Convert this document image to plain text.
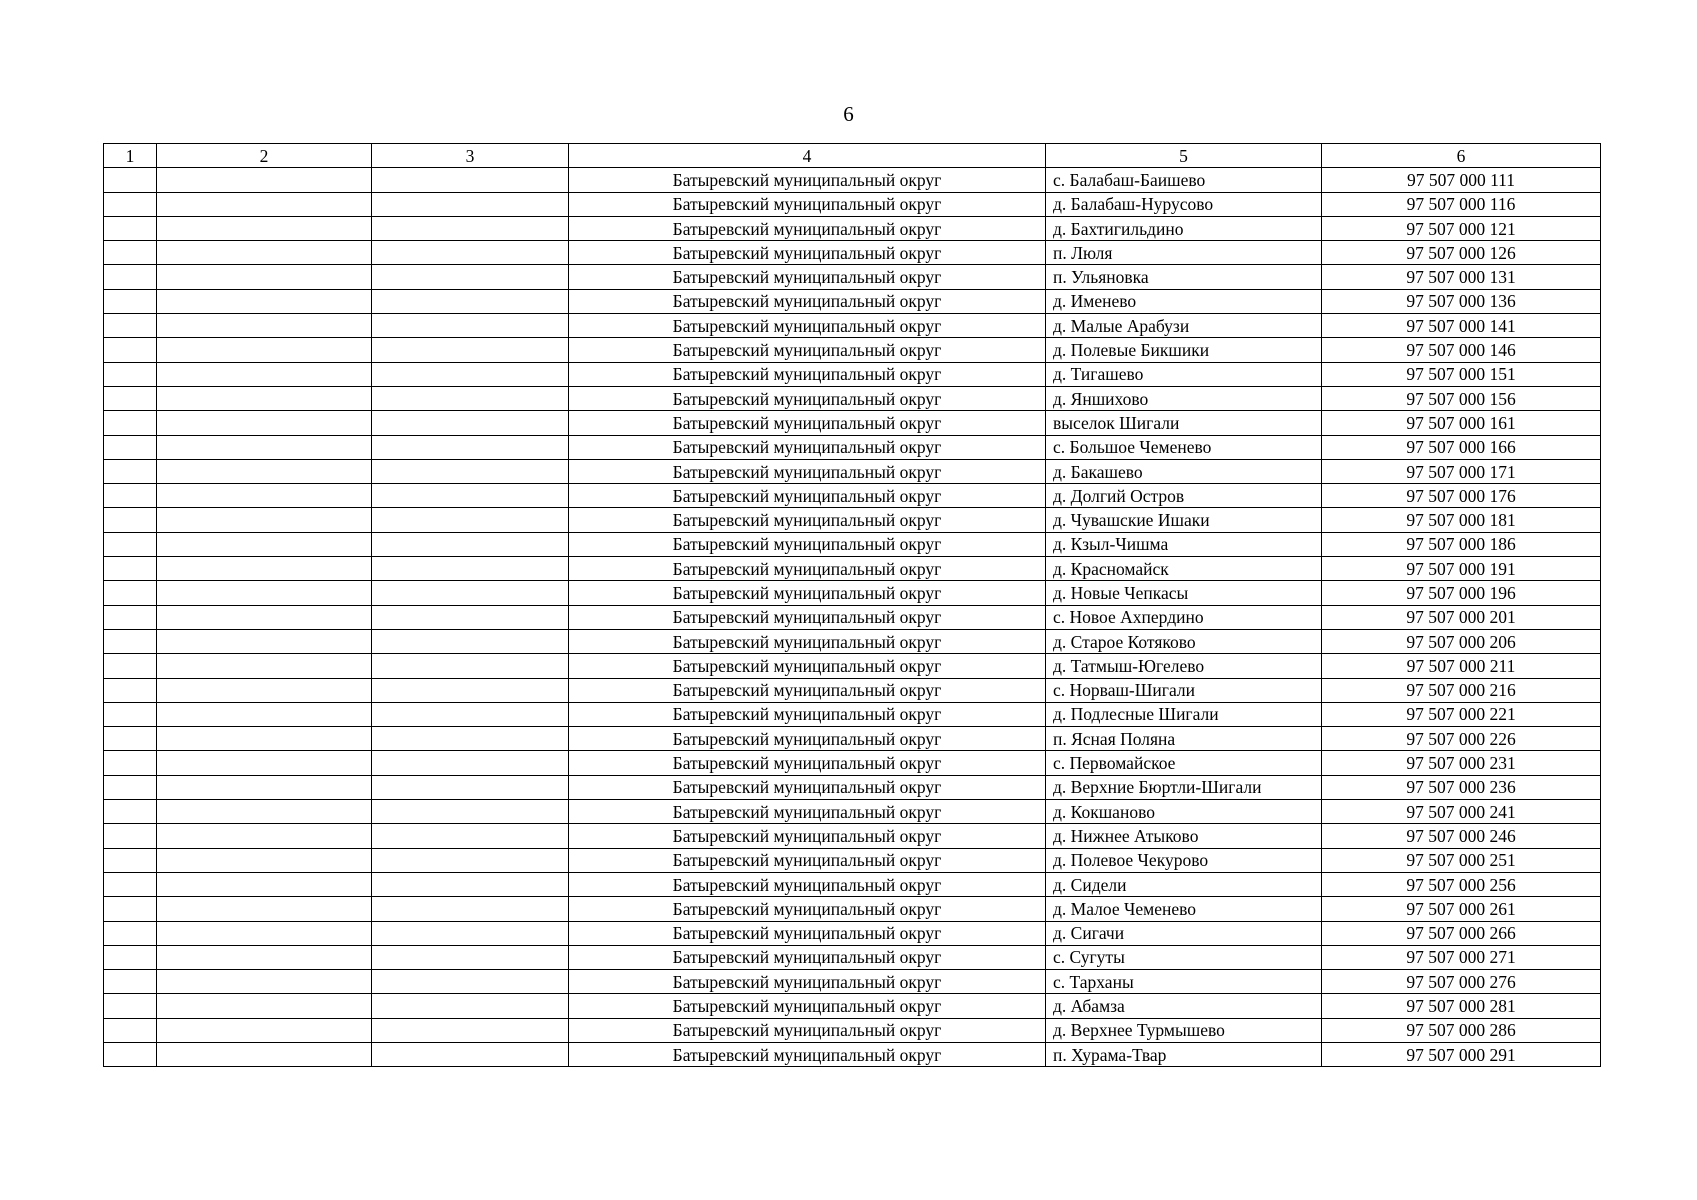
6
1	2	3	4	5	6
			Батыревский муниципальный округ	с. Балабаш-Баишево	97 507 000 111
			Батыревский муниципальный округ	д. Балабаш-Нурусово	97 507 000 116
			Батыревский муниципальный округ	д. Бахтигильдино	97 507 000 121
			Батыревский муниципальный округ	п. Люля	97 507 000 126
			Батыревский муниципальный округ	п. Ульяновка	97 507 000 131
			Батыревский муниципальный округ	д. Именево	97 507 000 136
			Батыревский муниципальный округ	д. Малые Арабузи	97 507 000 141
			Батыревский муниципальный округ	д. Полевые Бикшики	97 507 000 146
			Батыревский муниципальный округ	д. Тигашево	97 507 000 151
			Батыревский муниципальный округ	д. Яншихово	97 507 000 156
			Батыревский муниципальный округ	выселок Шигали	97 507 000 161
			Батыревский муниципальный округ	с. Большое Чеменево	97 507 000 166
			Батыревский муниципальный округ	д. Бакашево	97 507 000 171
			Батыревский муниципальный округ	д. Долгий Остров	97 507 000 176
			Батыревский муниципальный округ	д. Чувашские Ишаки	97 507 000 181
			Батыревский муниципальный округ	д. Кзыл-Чишма	97 507 000 186
			Батыревский муниципальный округ	д. Красномайск	97 507 000 191
			Батыревский муниципальный округ	д. Новые Чепкасы	97 507 000 196
			Батыревский муниципальный округ	с. Новое Ахпердино	97 507 000 201
			Батыревский муниципальный округ	д. Старое Котяково	97 507 000 206
			Батыревский муниципальный округ	д. Татмыш-Югелево	97 507 000 211
			Батыревский муниципальный округ	с. Норваш-Шигали	97 507 000 216
			Батыревский муниципальный округ	д. Подлесные Шигали	97 507 000 221
			Батыревский муниципальный округ	п. Ясная Поляна	97 507 000 226
			Батыревский муниципальный округ	с. Первомайское	97 507 000 231
			Батыревский муниципальный округ	д. Верхние Бюртли-Шигали	97 507 000 236
			Батыревский муниципальный округ	д. Кокшаново	97 507 000 241
			Батыревский муниципальный округ	д. Нижнее Атыково	97 507 000 246
			Батыревский муниципальный округ	д. Полевое Чекурово	97 507 000 251
			Батыревский муниципальный округ	д. Сидели	97 507 000 256
			Батыревский муниципальный округ	д. Малое Чеменево	97 507 000 261
			Батыревский муниципальный округ	д. Сигачи	97 507 000 266
			Батыревский муниципальный округ	с. Сугуты	97 507 000 271
			Батыревский муниципальный округ	с. Тарханы	97 507 000 276
			Батыревский муниципальный округ	д. Абамза	97 507 000 281
			Батыревский муниципальный округ	д. Верхнее Турмышево	97 507 000 286
			Батыревский муниципальный округ	п. Хурама-Твар	97 507 000 291
